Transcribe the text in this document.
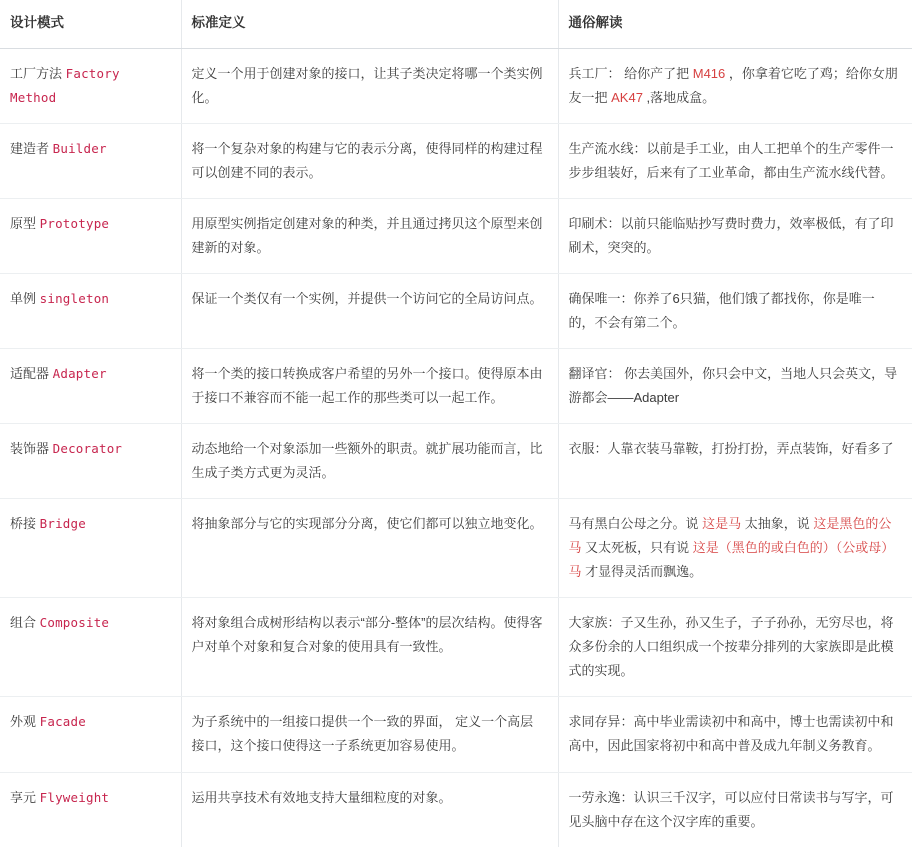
设计模式	标准定义	通俗解读
工厂方法 Factory Method	定义一个用于创建对象的接口，让其子类决定将哪一个类实例化。	兵工厂： 给你产了把 M416 ，你拿着它吃了鸡；给你女朋友一把 AK47 ,落地成盒。
建造者 Builder	将一个复杂对象的构建与它的表示分离，使得同样的构建过程可以创建不同的表示。	生产流水线：以前是手工业，由人工把单个的生产零件一步步组装好，后来有了工业革命，都由生产流水线代替。
原型 Prototype	用原型实例指定创建对象的种类，并且通过拷贝这个原型来创建新的对象。	印刷术：以前只能临贴抄写费时费力，效率极低，有了印刷术，突突的。
单例 singleton	保证一个类仅有一个实例，并提供一个访问它的全局访问点。	确保唯一：你养了6只猫，他们饿了都找你，你是唯一的，不会有第二个。
适配器 Adapter	将一个类的接口转换成客户希望的另外一个接口。使得原本由于接口不兼容而不能一起工作的那些类可以一起工作。	翻译官： 你去美国外，你只会中文，当地人只会英文，导游都会——Adapter
装饰器 Decorator	动态地给一个对象添加一些额外的职责。就扩展功能而言，比生成子类方式更为灵活。	衣服：人靠衣装马靠鞍，打扮打扮，弄点装饰，好看多了
桥接 Bridge	将抽象部分与它的实现部分分离，使它们都可以独立地变化。	马有黑白公母之分。说 这是马 太抽象，说 这是黑色的公马 又太死板，只有说 这是（黑色的或白色的）（公或母）马 才显得灵活而飘逸。
组合 Composite	将对象组合成树形结构以表示“部分-整体”的层次结构。使得客户对单个对象和复合对象的使用具有一致性。	大家族：子又生孙，孙又生子，子子孙孙，无穷尽也，将众多份余的人口组织成一个按辈分排列的大家族即是此模式的实现。
外观 Facade	为子系统中的一组接口提供一个一致的界面， 定义一个高层接口，这个接口使得这一子系统更加容易使用。	求同存异：高中毕业需读初中和高中，博士也需读初中和高中，因此国家将初中和高中普及成九年制义务教育。
享元 Flyweight	运用共享技术有效地支持大量细粒度的对象。	一劳永逸：认识三千汉字，可以应付日常读书与写字，可见头脑中存在这个汉字库的重要。
